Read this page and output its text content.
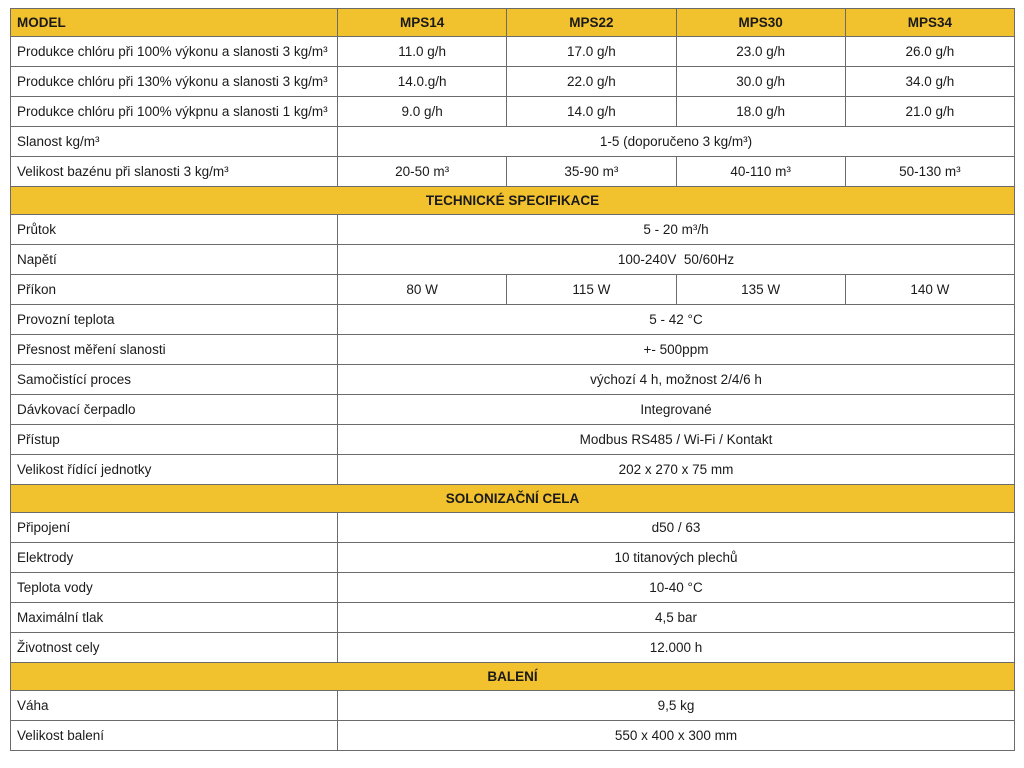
MODEL	MPS14	MPS22	MPS30	MPS34
Produkce chlóru při 100% výkonu a slanosti 3 kg/m³	11.0 g/h	17.0 g/h	23.0 g/h	26.0 g/h
Produkce chlóru při 130% výkonu a slanosti 3 kg/m³	14.0.g/h	22.0 g/h	30.0 g/h	34.0 g/h
Produkce chlóru při 100% výkpnu a slanosti 1 kg/m³	9.0 g/h	14.0 g/h	18.0 g/h	21.0 g/h
Slanost kg/m³	1-5 (doporučeno 3 kg/m³)			
Velikost bazénu při slanosti 3 kg/m³	20-50 m³	35-90 m³	40-110 m³	50-130 m³
TECHNICKÉ SPECIFIKACE				
Průtok	5 - 20 m³/h			
Napětí	100-240V  50/60Hz			
Příkon	80 W	115 W	135 W	140 W
Provozní teplota	5 - 42 °C			
Přesnost měření slanosti	+- 500ppm			
Samočistící proces	výchozí 4 h, možnost 2/4/6 h			
Dávkovací čerpadlo	Integrované			
Přístup	Modbus RS485 / Wi-Fi / Kontakt			
Velikost řídící jednotky	202 x 270 x 75 mm			
SOLONIZAČNÍ CELA				
Připojení	d50 / 63			
Elektrody	10 titanových plechů			
Teplota vody	10-40 °C			
Maximální tlak	4,5 bar			
Životnost cely	12.000 h			
BALENÍ				
Váha	9,5 kg			
Velikost balení	550 x 400 x 300 mm			
